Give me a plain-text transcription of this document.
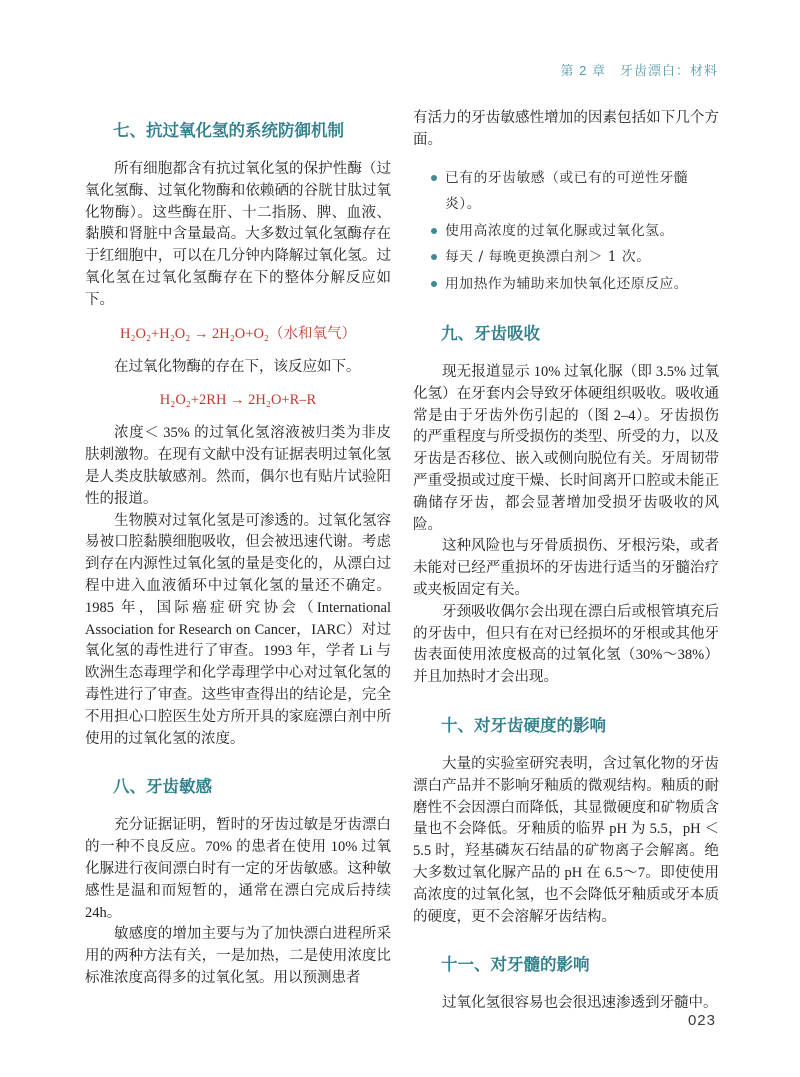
第 2 章　牙齿漂白：材料
七、抗过氧化氢的系统防御机制

所有细胞都含有抗过氧化氢的保护性酶（过氧化氢酶、过氧化物酶和依赖硒的谷胱甘肽过氧化物酶）。这些酶在肝、十二指肠、脾、血液、黏膜和肾脏中含量最高。大多数过氧化氢酶存在于红细胞中，可以在几分钟内降解过氧化氢。过氧化氢在过氧化氢酶存在下的整体分解反应如下。

H₂O₂+H₂O₂ → 2H₂O+O₂（水和氧气）

在过氧化物酶的存在下，该反应如下。

H₂O₂+2RH → 2H₂O+R–R

浓度＜ 35% 的过氧化氢溶液被归类为非皮肤刺激物。在现有文献中没有证据表明过氧化氢是人类皮肤敏感剂。然而，偶尔也有贴片试验阳性的报道。

生物膜对过氧化氢是可渗透的。过氧化氢容易被口腔黏膜细胞吸收，但会被迅速代谢。考虑到存在内源性过氧化氢的量是变化的，从漂白过程中进入血液循环中过氧化氢的量还不确定。1985 年，国际癌症研究协会（International Association for Research on Cancer，IARC）对过氧化氢的毒性进行了审查。1993 年，学者 Li 与欧洲生态毒理学和化学毒理学中心对过氧化氢的毒性进行了审查。这些审查得出的结论是，完全不用担心口腔医生处方所开具的家庭漂白剂中所使用的过氧化氢的浓度。

八、牙齿敏感

充分证据证明，暂时的牙齿过敏是牙齿漂白的一种不良反应。70% 的患者在使用 10% 过氧化脲进行夜间漂白时有一定的牙齿敏感。这种敏感性是温和而短暂的，通常在漂白完成后持续 24h。

敏感度的增加主要与为了加快漂白进程所采用的两种方法有关，一是加热，二是使用浓度比标准浓度高得多的过氧化氢。用以预测患者

有活力的牙齿敏感性增加的因素包括如下几个方面。

已有的牙齿敏感（或已有的可逆性牙髓炎）。
使用高浓度的过氧化脲或过氧化氢。
每天 / 每晚更换漂白剂＞ 1 次。
用加热作为辅助来加快氧化还原反应。
九、牙齿吸收

现无报道显示 10% 过氧化脲（即 3.5% 过氧化氢）在牙套内会导致牙体硬组织吸收。吸收通常是由于牙齿外伤引起的（图 2–4）。牙齿损伤的严重程度与所受损伤的类型、所受的力，以及牙齿是否移位、嵌入或侧向脱位有关。牙周韧带严重受损或过度干燥、长时间离开口腔或未能正确储存牙齿，都会显著增加受损牙齿吸收的风险。

这种风险也与牙骨质损伤、牙根污染，或者未能对已经严重损坏的牙齿进行适当的牙髓治疗或夹板固定有关。

牙颈吸收偶尔会出现在漂白后或根管填充后的牙齿中，但只有在对已经损坏的牙根或其他牙齿表面使用浓度极高的过氧化氢（30%～38%）并且加热时才会出现。

十、对牙齿硬度的影响

大量的实验室研究表明，含过氧化物的牙齿漂白产品并不影响牙釉质的微观结构。釉质的耐磨性不会因漂白而降低，其显微硬度和矿物质含量也不会降低。牙釉质的临界 pH 为 5.5，pH ＜ 5.5 时，羟基磷灰石结晶的矿物离子会解离。绝大多数过氧化脲产品的 pH 在 6.5～7。即使使用高浓度的过氧化氢，也不会降低牙釉质或牙本质的硬度，更不会溶解牙齿结构。

十一、对牙髓的影响

过氧化氢很容易也会很迅速渗透到牙髓中。

023
